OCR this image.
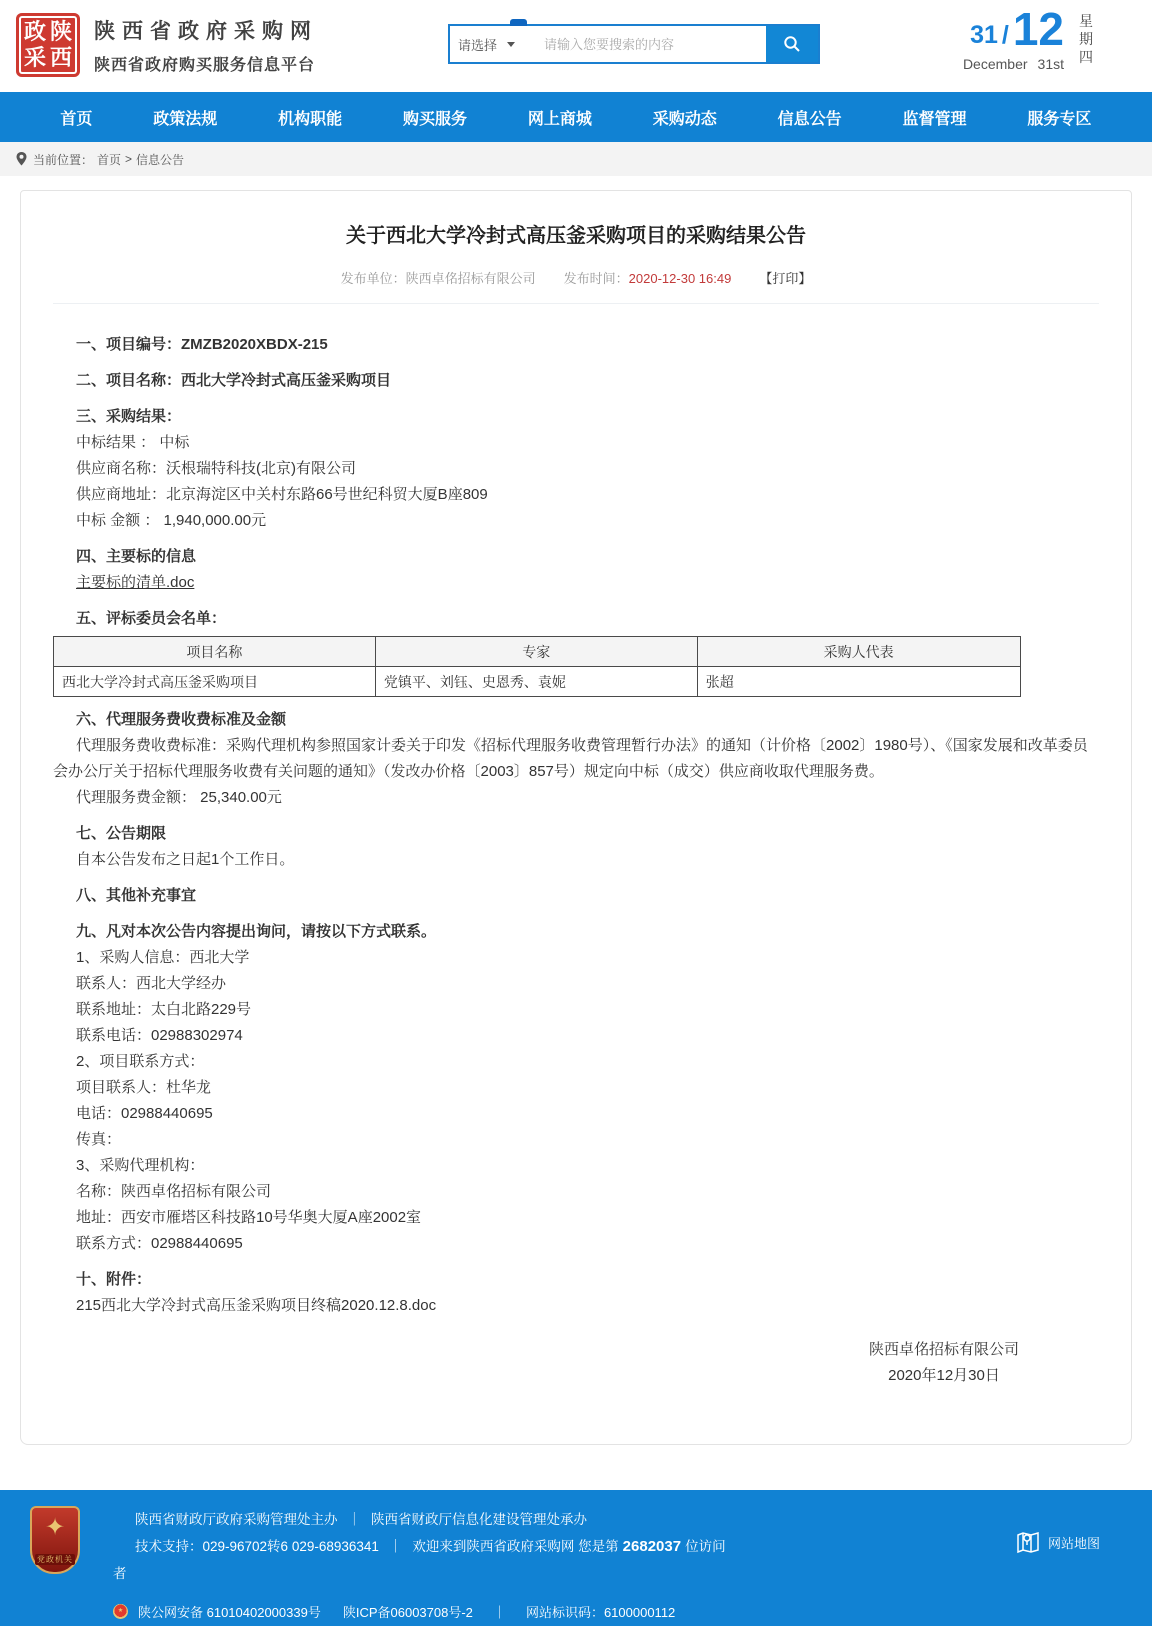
政 陕
采 西
陕西省政府采购网
陕西省政府购买服务信息平台
请选择
请输入您要搜索的内容	31 / 12
December 31st
星期四
首页	政策法规	机构职能	购买服务	网上商城	采购动态	信息公告	监督管理	服务专区
当前位置： 首页 > 信息公告
关于西北大学冷封式高压釜采购项目的采购结果公告
发布单位：陕西卓佲招标有限公司 发布时间：2020-12-30 16:49 【打印】

一、项目编号：ZMZB2020XBDX-215

二、项目名称：西北大学冷封式高压釜采购项目

三、采购结果：

中标结果 ： 中标

供应商名称：沃根瑞特科技(北京)有限公司

供应商地址：北京海淀区中关村东路66号世纪科贸大厦B座809

中标 金额 ： 1,940,000.00元

四、主要标的信息

主要标的清单.doc

五、评标委员会名单：

项目名称	专家	采购人代表
西北大学冷封式高压釜采购项目	党镇平、刘钰、史恩秀、袁妮	张超

六、代理服务费收费标准及金额

代理服务费收费标准：采购代理机构参照国家计委关于印发《招标代理服务收费管理暂行办法》的通知（计价格〔2002〕1980号）、《国家发展和改革委员会办公厅关于招标代理服务收费有关问题的通知》（发改办价格〔2003〕857号）规定向中标（成交）供应商收取代理服务费。

代理服务费金额： 25,340.00元

七、公告期限

自本公告发布之日起1个工作日。

八、其他补充事宜

九、凡对本次公告内容提出询问，请按以下方式联系。

1、采购人信息：西北大学

联系人：西北大学经办

联系地址：太白北路229号

联系电话：02988302974

2、项目联系方式：

项目联系人：杜华龙

电话：02988440695

传真：

3、采购代理机构：

名称：陕西卓佲招标有限公司

地址：西安市雁塔区科技路10号华奥大厦A座2002室

联系方式：02988440695

十、附件：

215西北大学冷封式高压釜采购项目终稿2020.12.8.doc

陕西卓佲招标有限公司
2020年12月30日
✦
党政机关
陕西省财政厅政府采购管理处主办 ｜ 陕西省财政厅信息化建设管理处承办
技术支持：029-96702转6 029-68936341 ｜ 欢迎来到陕西省政府采购网 您是第 2682037 位访问
者
网站地图
陕公网安备 61010402000339号 陕ICP备06003708号-2 ｜ 网站标识码：6100000112
